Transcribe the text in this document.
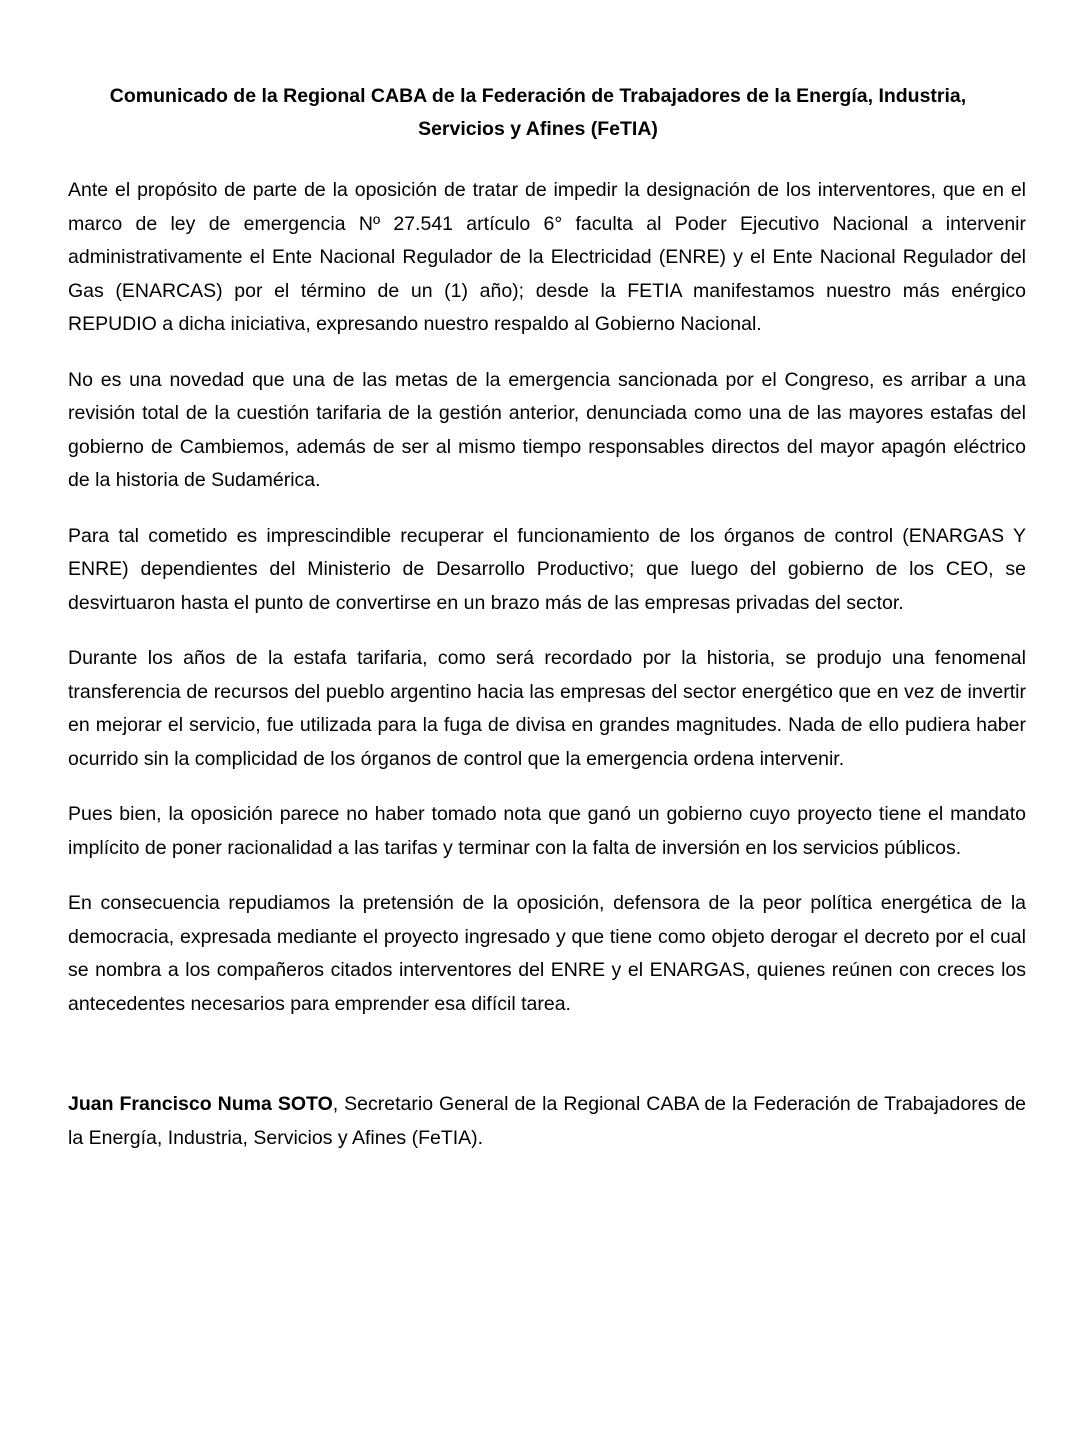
Comunicado de la Regional CABA de la Federación de Trabajadores de la Energía, Industria, Servicios y Afines (FeTIA)

Ante el propósito de parte de la oposición de tratar de impedir la designación de los interventores, que en el marco de ley de emergencia Nº 27.541 artículo 6° faculta al Poder Ejecutivo Nacional a intervenir administrativamente el Ente Nacional Regulador de la Electricidad (ENRE) y el Ente Nacional Regulador del Gas (ENARCAS) por el término de un (1) año); desde la FETIA manifestamos nuestro más enérgico REPUDIO a dicha iniciativa, expresando nuestro respaldo al Gobierno Nacional.

No es una novedad que una de las metas de la emergencia sancionada por el Congreso, es arribar a una revisión total de la cuestión tarifaria de la gestión anterior, denunciada como una de las mayores estafas del gobierno de Cambiemos, además de ser al mismo tiempo responsables directos del mayor apagón eléctrico de la historia de Sudamérica.

Para tal cometido es imprescindible recuperar el funcionamiento de los órganos de control (ENARGAS Y ENRE) dependientes del Ministerio de Desarrollo Productivo; que luego del gobierno de los CEO, se desvirtuaron hasta el punto de convertirse en un brazo más de las empresas privadas del sector.

Durante los años de la estafa tarifaria, como será recordado por la historia, se produjo una fenomenal transferencia de recursos del pueblo argentino hacia las empresas del sector energético que en vez de invertir en mejorar el servicio, fue utilizada para la fuga de divisa en grandes magnitudes. Nada de ello pudiera haber ocurrido sin la complicidad de los órganos de control que la emergencia ordena intervenir.

Pues bien, la oposición parece no haber tomado nota que ganó un gobierno cuyo proyecto tiene el mandato implícito de poner racionalidad a las tarifas y terminar con la falta de inversión en los servicios públicos.

En consecuencia repudiamos la pretensión de la oposición, defensora de la peor política energética de la democracia, expresada mediante el proyecto ingresado y que tiene como objeto derogar el decreto por el cual se nombra a los compañeros citados interventores del ENRE y el ENARGAS, quienes reúnen con creces los antecedentes necesarios para emprender esa difícil tarea.

Juan Francisco Numa SOTO, Secretario General de la Regional CABA de la Federación de Trabajadores de la Energía, Industria, Servicios y Afines (FeTIA).
